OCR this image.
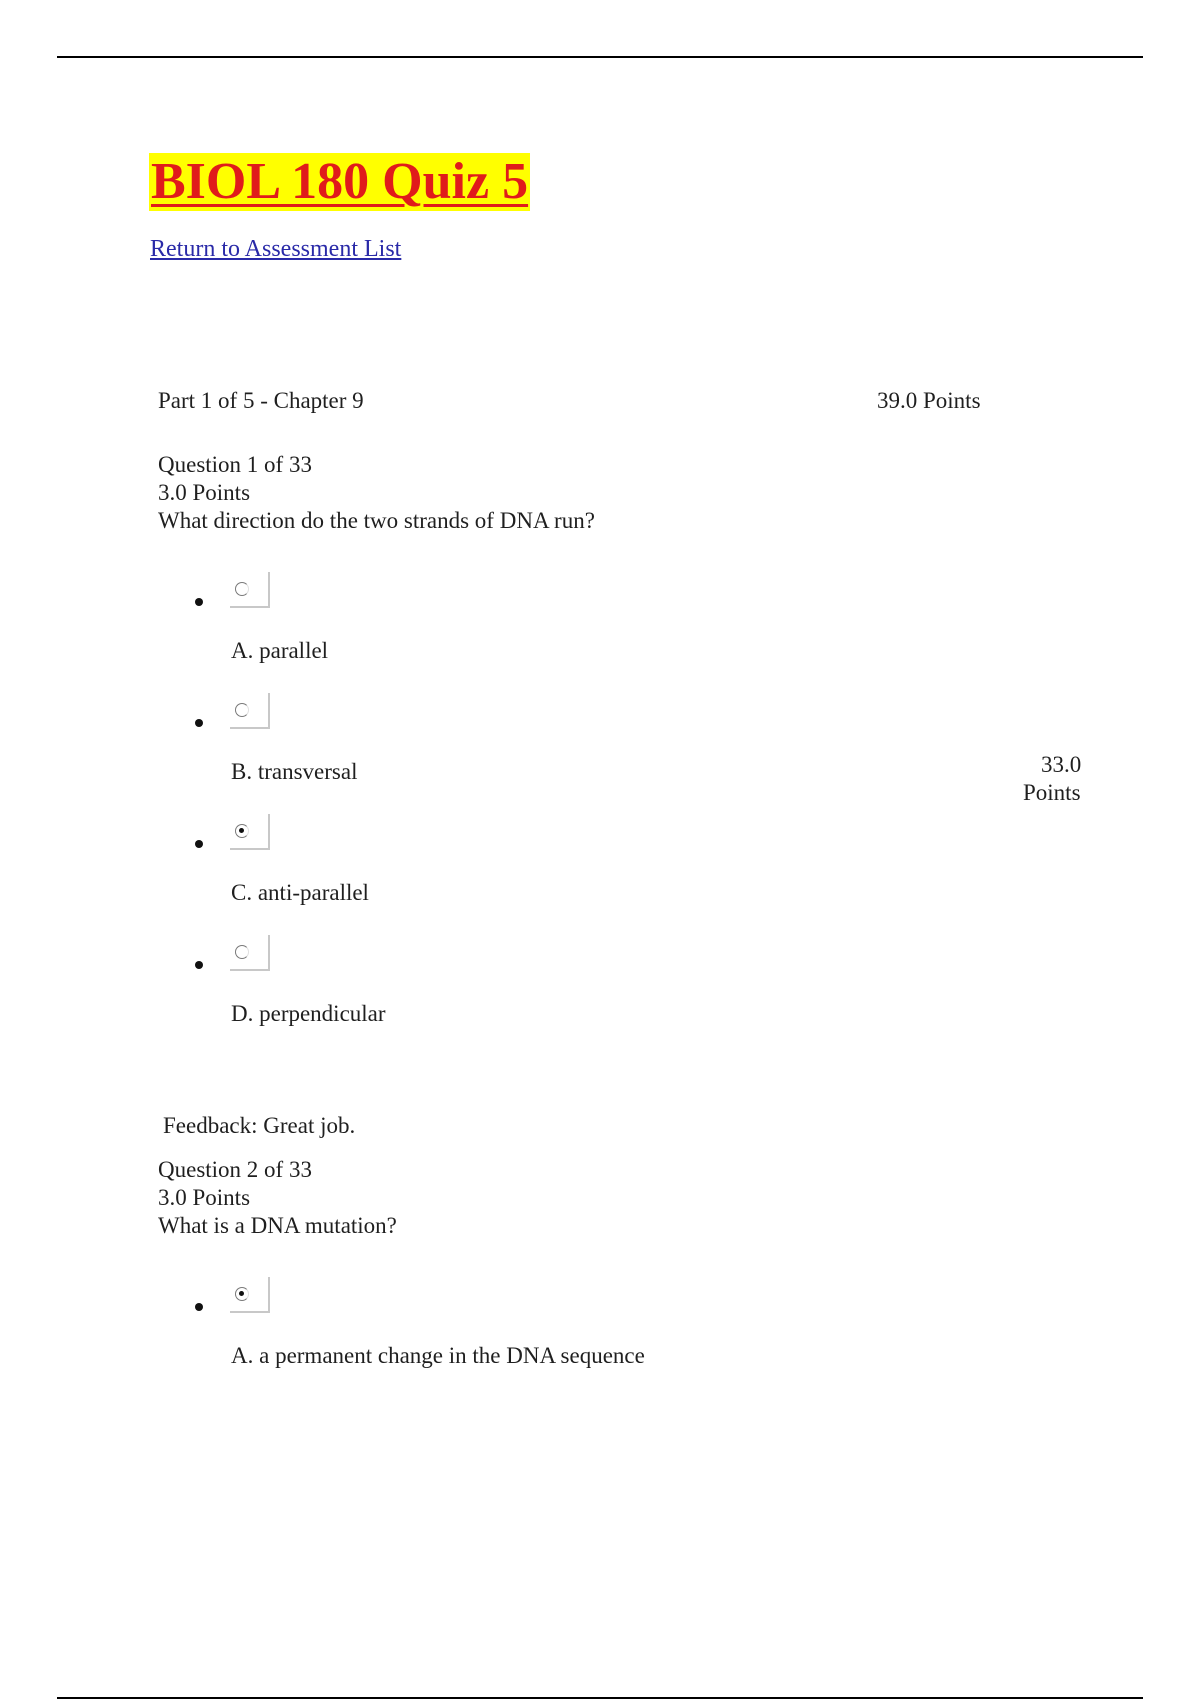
BIOL 180 Quiz 5
Return to Assessment List
Part 1 of 5 - Chapter 9	39.0 Points
Question 1 of 33
3.0 Points
What direction do the two strands of DNA run?
A. parallel
B. transversal	33.0
Points
C. anti-parallel
D. perpendicular
Feedback: Great job.
Question 2 of 33
3.0 Points
What is a DNA mutation?
A. a permanent change in the DNA sequence
